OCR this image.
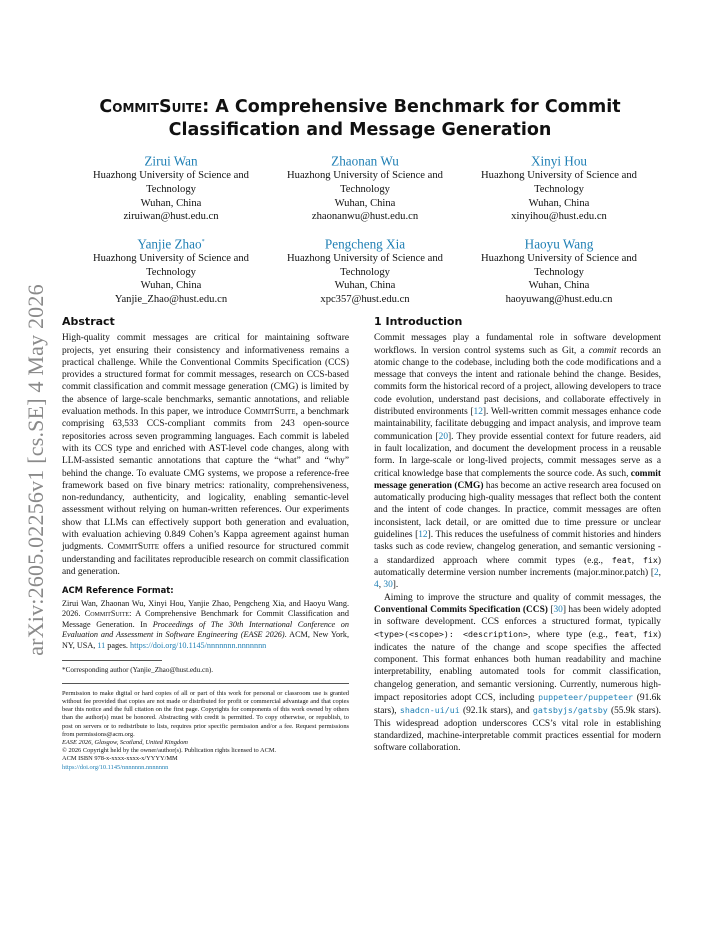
arXiv:2605.02256v1 [cs.SE] 4 May 2026
CommitSuite: A Comprehensive Benchmark for Commit Classification and Message Generation
Zirui Wan
Huazhong University of Science and
Technology
Wuhan, China
ziruiwan@hust.edu.cn
Zhaonan Wu
Huazhong University of Science and
Technology
Wuhan, China
zhaonanwu@hust.edu.cn
Xinyi Hou
Huazhong University of Science and
Technology
Wuhan, China
xinyihou@hust.edu.cn
Yanjie Zhao*
Huazhong University of Science and
Technology
Wuhan, China
Yanjie_Zhao@hust.edu.cn
Pengcheng Xia
Huazhong University of Science and
Technology
Wuhan, China
xpc357@hust.edu.cn
Haoyu Wang
Huazhong University of Science and
Technology
Wuhan, China
haoyuwang@hust.edu.cn
Abstract

High-quality commit messages are critical for maintaining software projects, yet ensuring their consistency and informativeness remains a practical challenge. While the Conventional Commits Specification (CCS) provides a structured format for commit messages, research on CCS-based commit classification and commit message generation (CMG) is limited by the absence of large-scale benchmarks, semantic annotations, and reliable evaluation methods. In this paper, we introduce CommitSuite, a benchmark comprising 63,533 CCS-compliant commits from 243 open-source repositories across seven programming languages. Each commit is labeled with its CCS type and enriched with AST-level code changes, along with LLM-assisted semantic annotations that capture the “what” and “why” behind the change. To evaluate CMG systems, we propose a reference-free framework based on five binary metrics: rationality, comprehensiveness, non-redundancy, authenticity, and logicality, enabling semantic-level assessment without relying on human-written references. Our experiments show that LLMs can effectively support both generation and evaluation, with evaluation achieving 0.849 Cohen’s Kappa agreement against human judgments. CommitSuite offers a unified resource for structured commit understanding and facilitates reproducible research on commit classification and generation.

ACM Reference Format:

Zirui Wan, Zhaonan Wu, Xinyi Hou, Yanjie Zhao, Pengcheng Xia, and Haoyu Wang. 2026. CommitSuite: A Comprehensive Benchmark for Commit Classification and Message Generation. In Proceedings of The 30th International Conference on Evaluation and Assessment in Software Engineering (EASE 2026). ACM, New York, NY, USA, 11 pages. https://doi.org/10.1145/nnnnnnn.nnnnnnn

*Corresponding author (Yanjie_Zhao@hust.edu.cn).

Permission to make digital or hard copies of all or part of this work for personal or classroom use is granted without fee provided that copies are not made or distributed for profit or commercial advantage and that copies bear this notice and the full citation on the first page. Copyrights for components of this work owned by others than the author(s) must be honored. Abstracting with credit is permitted. To copy otherwise, or republish, to post on servers or to redistribute to lists, requires prior specific permission and/or a fee. Request permissions from permissions@acm.org.

EASE 2026, Glasgow, Scotland, United Kingdom

© 2026 Copyright held by the owner/author(s). Publication rights licensed to ACM.

ACM ISBN 978-x-xxxx-xxxx-x/YYYY/MM

https://doi.org/10.1145/nnnnnnn.nnnnnnn

1 Introduction

Commit messages play a fundamental role in software development workflows. In version control systems such as Git, a commit records an atomic change to the codebase, including both the code modifications and a message that conveys the intent and rationale behind the change. Besides, commits form the historical record of a project, allowing developers to trace code evolution, understand past decisions, and collaborate effectively in distributed environments [12]. Well-written commit messages enhance code maintainability, facilitate debugging and impact analysis, and improve team communication [20]. They provide essential context for future readers, aid in fault localization, and document the development process in a reusable form. In large-scale or long-lived projects, commit messages serve as a critical knowledge base that complements the source code. As such, commit message generation (CMG) has become an active research area focused on automatically producing high-quality messages that reflect both the content and the intent of code changes. In practice, commit messages are often inconsistent, lack detail, or are omitted due to time pressure or unclear guidelines [12]. This reduces the usefulness of commit histories and hinders tasks such as code review, changelog generation, and semantic versioning - a standardized approach where commit types (e.g., feat, fix) automatically determine version number increments (major.minor.patch) [2, 4, 30].

Aiming to improve the structure and quality of commit messages, the Conventional Commits Specification (CCS) [30] has been widely adopted in software development. CCS enforces a structured format, typically <type>(<scope>): <description>, where type (e.g., feat, fix) indicates the nature of the change and scope specifies the affected component. This format enhances both human readability and machine interpretability, enabling automated tools for commit classification, changelog generation, and semantic versioning. Currently, numerous high-impact repositories adopt CCS, including puppeteer/puppeteer (91.6k stars), shadcn-ui/ui (92.1k stars), and gatsbyjs/gatsby (55.9k stars). This widespread adoption underscores CCS’s vital role in establishing standardized, machine-interpretable commit practices essential for modern software collaboration.
